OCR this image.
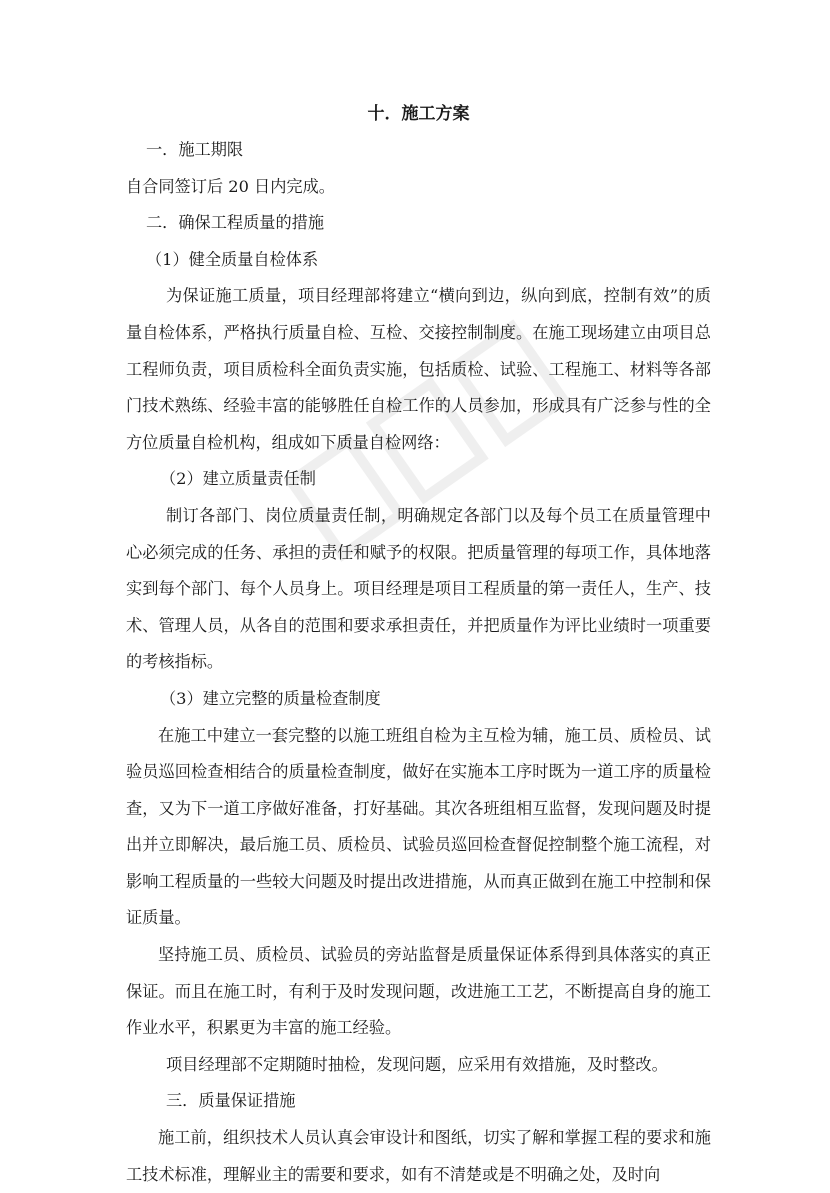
十．施工方案
一．施工期限
自合同签订后 20 日内完成。
二．确保工程质量的措施
（1）健全质量自检体系
为保证施工质量，项目经理部将建立“横向到边，纵向到底，控制有效”的质量自检体系，严格执行质量自检、互检、交接控制制度。在施工现场建立由项目总工程师负责，项目质检科全面负责实施，包括质检、试验、工程施工、材料等各部门技术熟练、经验丰富的能够胜任自检工作的人员参加，形成具有广泛参与性的全方位质量自检机构，组成如下质量自检网络：
（2）建立质量责任制
制订各部门、岗位质量责任制，明确规定各部门以及每个员工在质量管理中心必须完成的任务、承担的责任和赋予的权限。把质量管理的每项工作，具体地落实到每个部门、每个人员身上。项目经理是项目工程质量的第一责任人，生产、技术、管理人员，从各自的范围和要求承担责任，并把质量作为评比业绩时一项重要的考核指标。
（3）建立完整的质量检查制度
在施工中建立一套完整的以施工班组自检为主互检为辅，施工员、质检员、试验员巡回检查相结合的质量检查制度，做好在实施本工序时既为一道工序的质量检查，又为下一道工序做好准备，打好基础。其次各班组相互监督，发现问题及时提出并立即解决，最后施工员、质检员、试验员巡回检查督促控制整个施工流程，对影响工程质量的一些较大问题及时提出改进措施，从而真正做到在施工中控制和保证质量。
坚持施工员、质检员、试验员的旁站监督是质量保证体系得到具体落实的真正保证。而且在施工时，有利于及时发现问题，改进施工工艺，不断提高自身的施工作业水平，积累更为丰富的施工经验。
项目经理部不定期随时抽检，发现问题，应采用有效措施，及时整改。
三．质量保证措施
施工前，组织技术人员认真会审设计和图纸，切实了解和掌握工程的要求和施工技术标准，理解业主的需要和要求，如有不清楚或是不明确之处，及时向
